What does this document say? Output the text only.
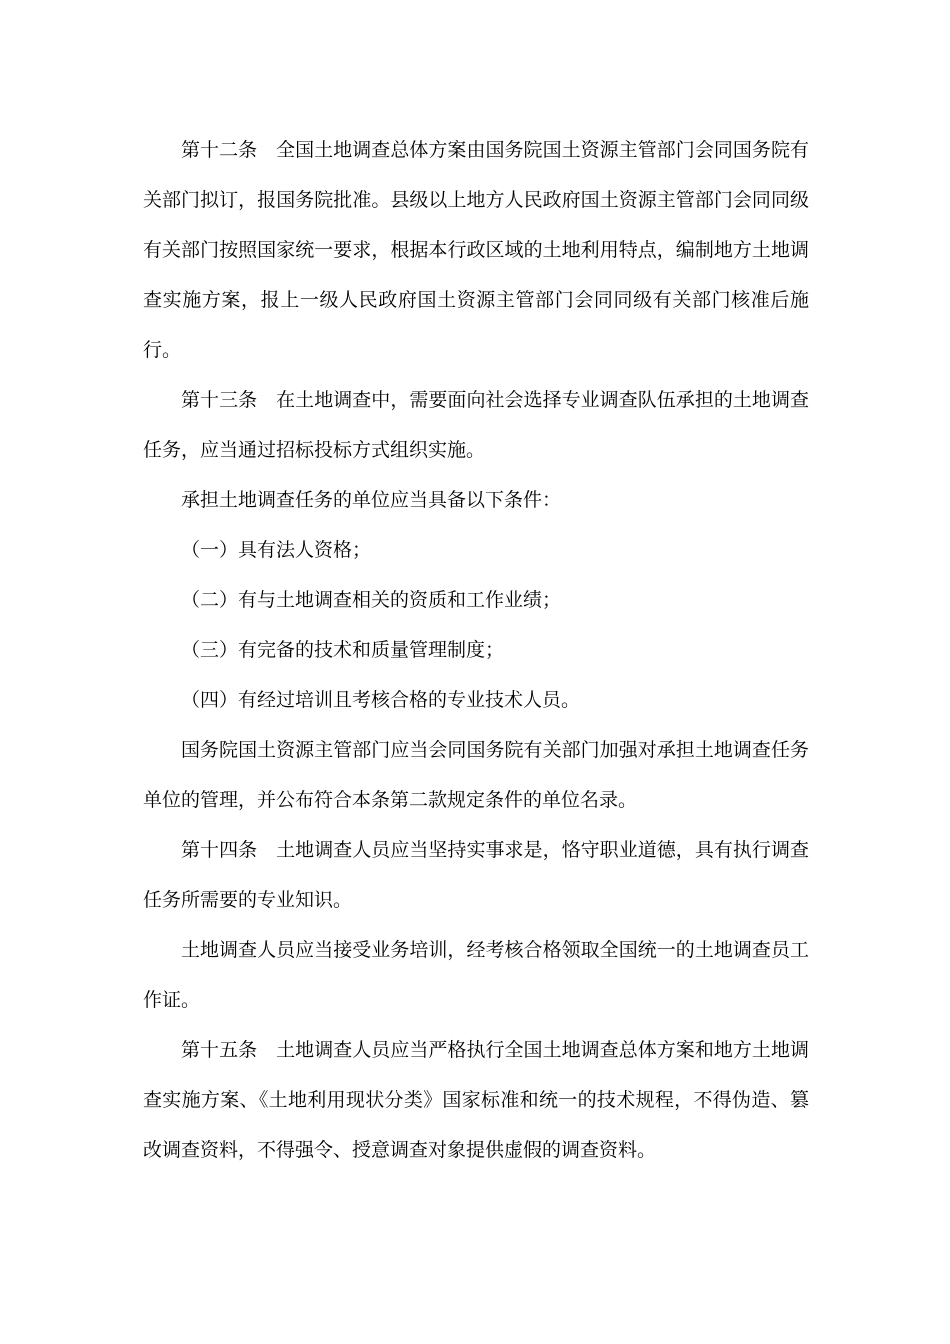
第十二条 全国土地调查总体方案由国务院国土资源主管部门会同国务院有关部门拟订，报国务院批准。县级以上地方人民政府国土资源主管部门会同同级有关部门按照国家统一要求，根据本行政区域的土地利用特点，编制地方土地调查实施方案，报上一级人民政府国土资源主管部门会同同级有关部门核准后施行。

第十三条 在土地调查中，需要面向社会选择专业调查队伍承担的土地调查任务，应当通过招标投标方式组织实施。

承担土地调查任务的单位应当具备以下条件：

（一）具有法人资格；

（二）有与土地调查相关的资质和工作业绩；

（三）有完备的技术和质量管理制度；

（四）有经过培训且考核合格的专业技术人员。

国务院国土资源主管部门应当会同国务院有关部门加强对承担土地调查任务单位的管理，并公布符合本条第二款规定条件的单位名录。

第十四条 土地调查人员应当坚持实事求是，恪守职业道德，具有执行调查任务所需要的专业知识。

土地调查人员应当接受业务培训，经考核合格领取全国统一的土地调查员工作证。

第十五条 土地调查人员应当严格执行全国土地调查总体方案和地方土地调查实施方案、《土地利用现状分类》国家标准和统一的技术规程，不得伪造、篡改调查资料，不得强令、授意调查对象提供虚假的调查资料。
